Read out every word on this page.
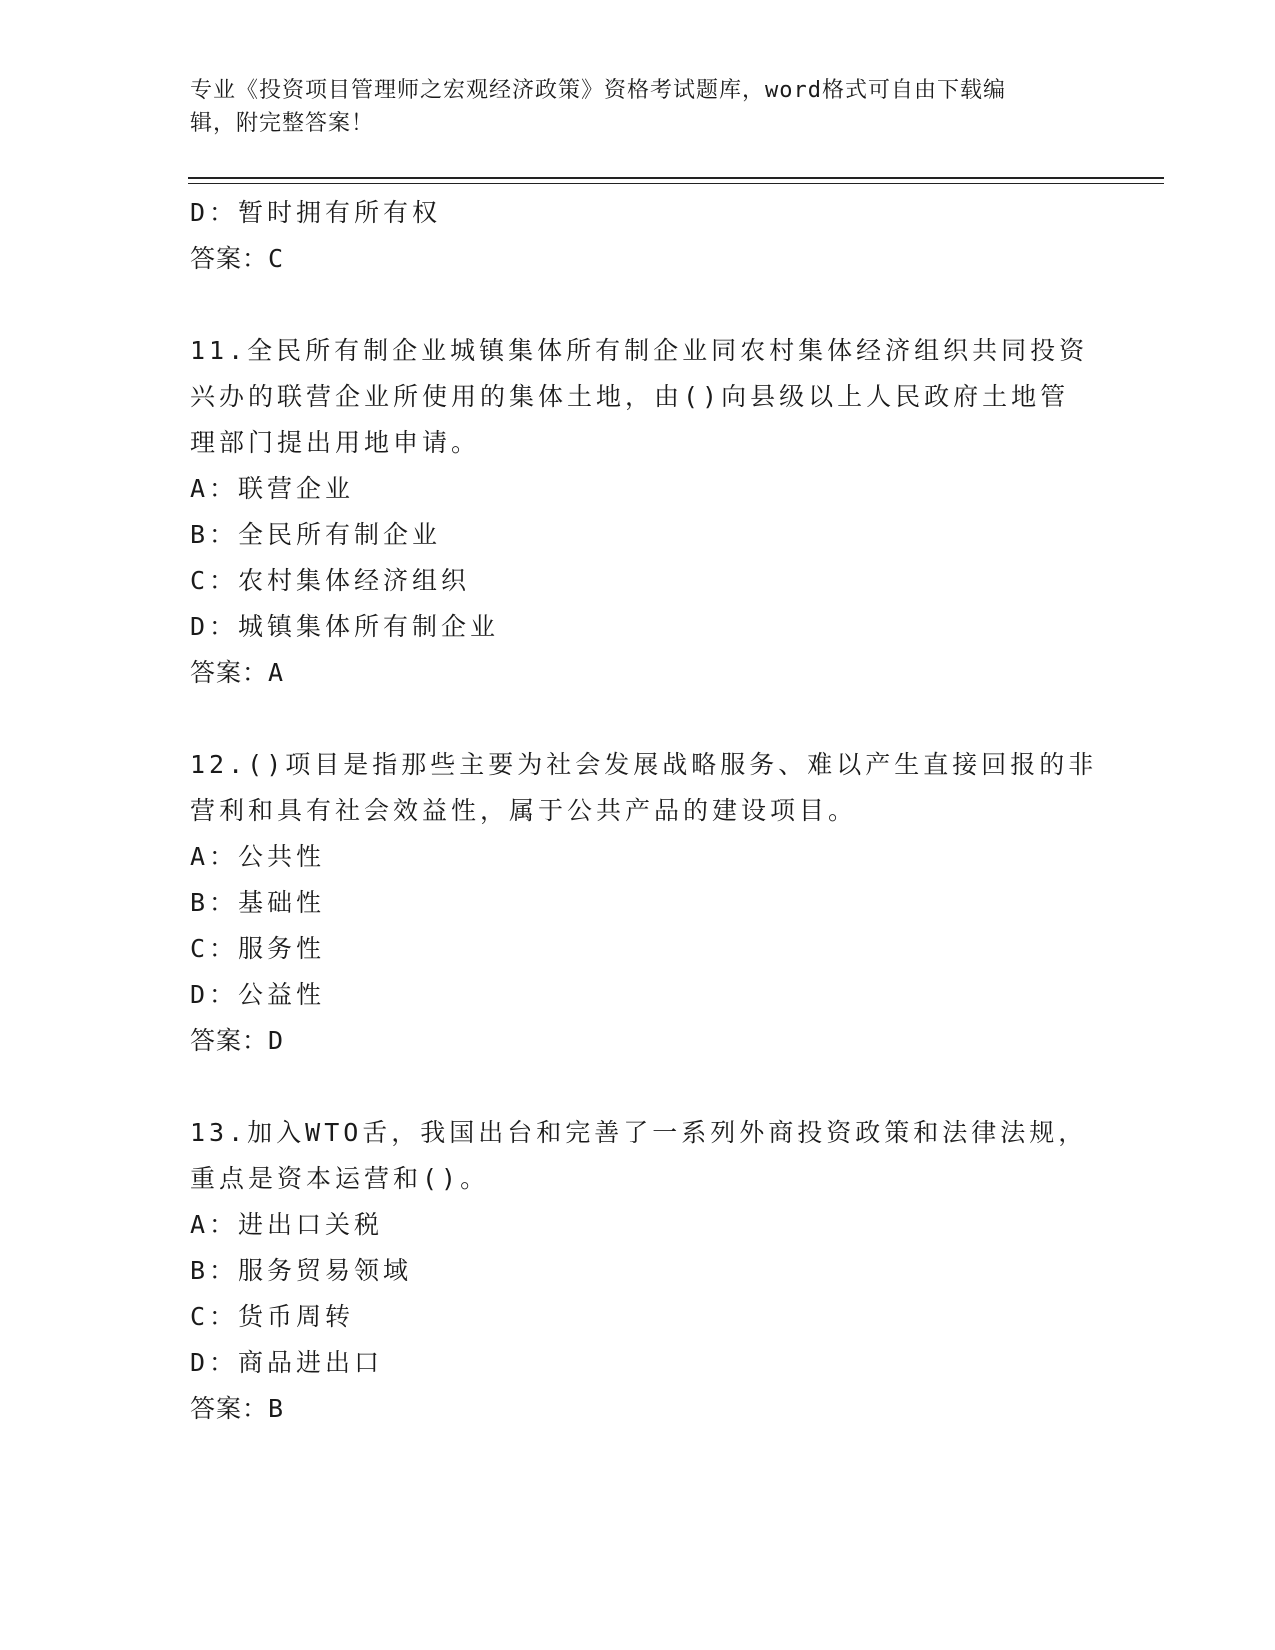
专业《投资项目管理师之宏观经济政策》资格考试题库，word格式可自由下载编
辑，附完整答案！
D：暂时拥有所有权
答案：C
11.全民所有制企业城镇集体所有制企业同农村集体经济组织共同投资
兴办的联营企业所使用的集体土地，由()向县级以上人民政府土地管
理部门提出用地申请。
A：联营企业
B：全民所有制企业
C：农村集体经济组织
D：城镇集体所有制企业
答案：A
12.()项目是指那些主要为社会发展战略服务、难以产生直接回报的非
营利和具有社会效益性，属于公共产品的建设项目。
A：公共性
B：基础性
C：服务性
D：公益性
答案：D
13.加入WTO舌，我国出台和完善了一系列外商投资政策和法律法规，
重点是资本运营和()。
A：进出口关税
B：服务贸易领域
C：货币周转
D：商品进出口
答案：B
